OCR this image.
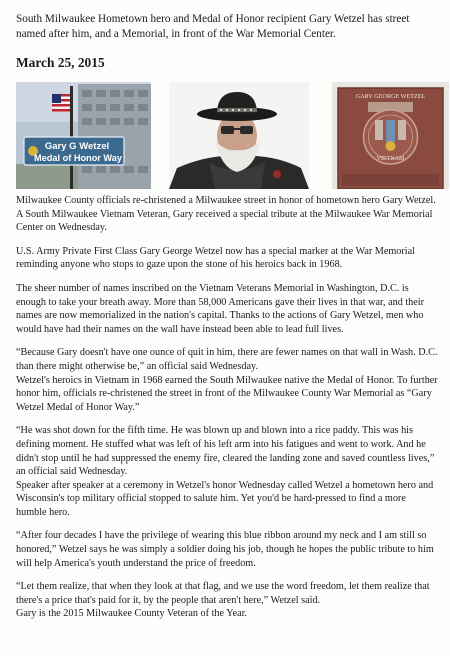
South Milwaukee Hometown hero and Medal of Honor recipient Gary Wetzel has street named after him, and a Memorial, in front of the War Memorial Center.
March 25, 2015
Gary G Wetzel
Medal of Honor Way
GARY GEORGE WETZEL
VIETNAM

Milwaukee County officials re-christened a Milwaukee street in honor of hometown hero Gary Wetzel. A South Milwaukee Vietnam Veteran, Gary received a special tribute at the Milwaukee War Memorial Center on Wednesday.

U.S. Army Private First Class Gary George Wetzel now has a special marker at the War Memorial reminding anyone who stops to gaze upon the stone of his heroics back in 1968.

The sheer number of names inscribed on the Vietnam Veterans Memorial in Washington, D.C. is enough to take your breath away. More than 58,000 Americans gave their lives in that war, and their names are now memorialized in the nation's capital. Thanks to the actions of Gary Wetzel, men who would have had their names on the wall have instead been able to lead full lives.

“Because Gary doesn't have one ounce of quit in him, there are fewer names on that wall in Wash. D.C. than there might otherwise be,” an official said Wednesday.

Wetzel's heroics in Vietnam in 1968 earned the South Milwaukee native the Medal of Honor. To further honor him, officials re-christened the street in front of the Milwaukee County War Memorial as “Gary Wetzel Medal of Honor Way.”

“He was shot down for the fifth time. He was blown up and blown into a rice paddy. This was his defining moment. He stuffed what was left of his left arm into his fatigues and went to work. And he didn't stop until he had suppressed the enemy fire, cleared the landing zone and saved countless lives,” an official said Wednesday.

Speaker after speaker at a ceremony in Wetzel's honor Wednesday called Wetzel a hometown hero and Wisconsin's top military official stopped to salute him. Yet you'd be hard-pressed to find a more humble hero.

“After four decades I have the privilege of wearing this blue ribbon around my neck and I am still so honored,” Wetzel says he was simply a soldier doing his job, though he hopes the public tribute to him will help America's youth understand the price of freedom.

“Let them realize, that when they look at that flag, and we use the word freedom, let them realize that there's a price that's paid for it, by the people that aren't here,” Wetzel said.

Gary is the 2015 Milwaukee County Veteran of the Year.
